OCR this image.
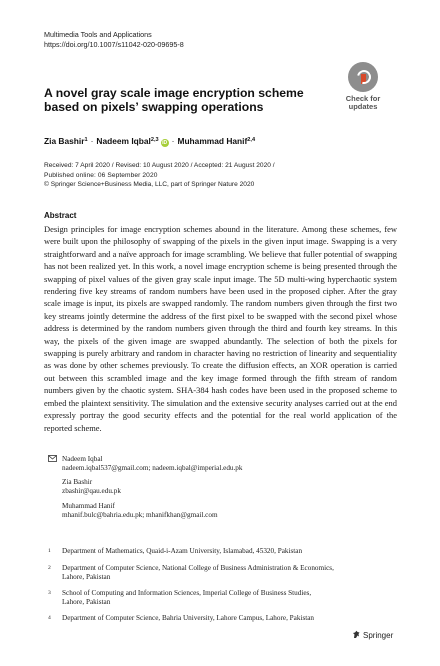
Multimedia Tools and Applications
https://doi.org/10.1007/s11042-020-09695-8
Check for
updates
A novel gray scale image encryption scheme based on pixels’ swapping operations
Zia Bashir$^1$ · Nadeem Iqbal$^{2,3}$ iD · Muhammad Hanif$^{2,4}$
Received: 7 April 2020 / Revised: 10 August 2020 / Accepted: 21 August 2020 /
Published online: 06 September 2020
© Springer Science+Business Media, LLC, part of Springer Nature 2020
Abstract
Design principles for image encryption schemes abound in the literature. Among these schemes, few were built upon the philosophy of swapping of the pixels in the given input image. Swapping is a very straightforward and a naïve approach for image scrambling. We believe that fuller potential of swapping has not been realized yet. In this work, a novel image encryption scheme is being presented through the swapping of pixel values of the given gray scale input image. The 5D multi-wing hyperchaotic system rendering five key streams of random numbers have been used in the proposed cipher. After the gray scale image is input, its pixels are swapped randomly. The random numbers given through the first two key streams jointly determine the address of the first pixel to be swapped with the second pixel whose address is determined by the random numbers given through the third and fourth key streams. In this way, the pixels of the given image are swapped abundantly. The selection of both the pixels for swapping is purely arbitrary and random in character having no restriction of linearity and sequentiality as was done by other schemes previously. To create the diffusion effects, an XOR operation is carried out between this scrambled image and the key image formed through the fifth stream of random numbers given by the chaotic system. SHA-384 hash codes have been used in the proposed scheme to embed the plaintext sensitivity. The simulation and the extensive security analyses carried out at the end expressly portray the good security effects and the potential for the real world application of the reported scheme.
Nadeem Iqbal
nadeem.iqbal537@gmail.com; nadeem.iqbal@imperial.edu.pk
Zia Bashir
zbashir@qau.edu.pk
Muhammad Hanif
mhanif.bulc@bahria.edu.pk; mhanifkhan@gmail.com
1 Department of Mathematics, Quaid-i-Azam University, Islamabad, 45320, Pakistan
2 Department of Computer Science, National College of Business Administration & Economics,
Lahore, Pakistan
3 School of Computing and Information Sciences, Imperial College of Business Studies,
Lahore, Pakistan
4 Department of Computer Science, Bahria University, Lahore Campus, Lahore, Pakistan
Springer
